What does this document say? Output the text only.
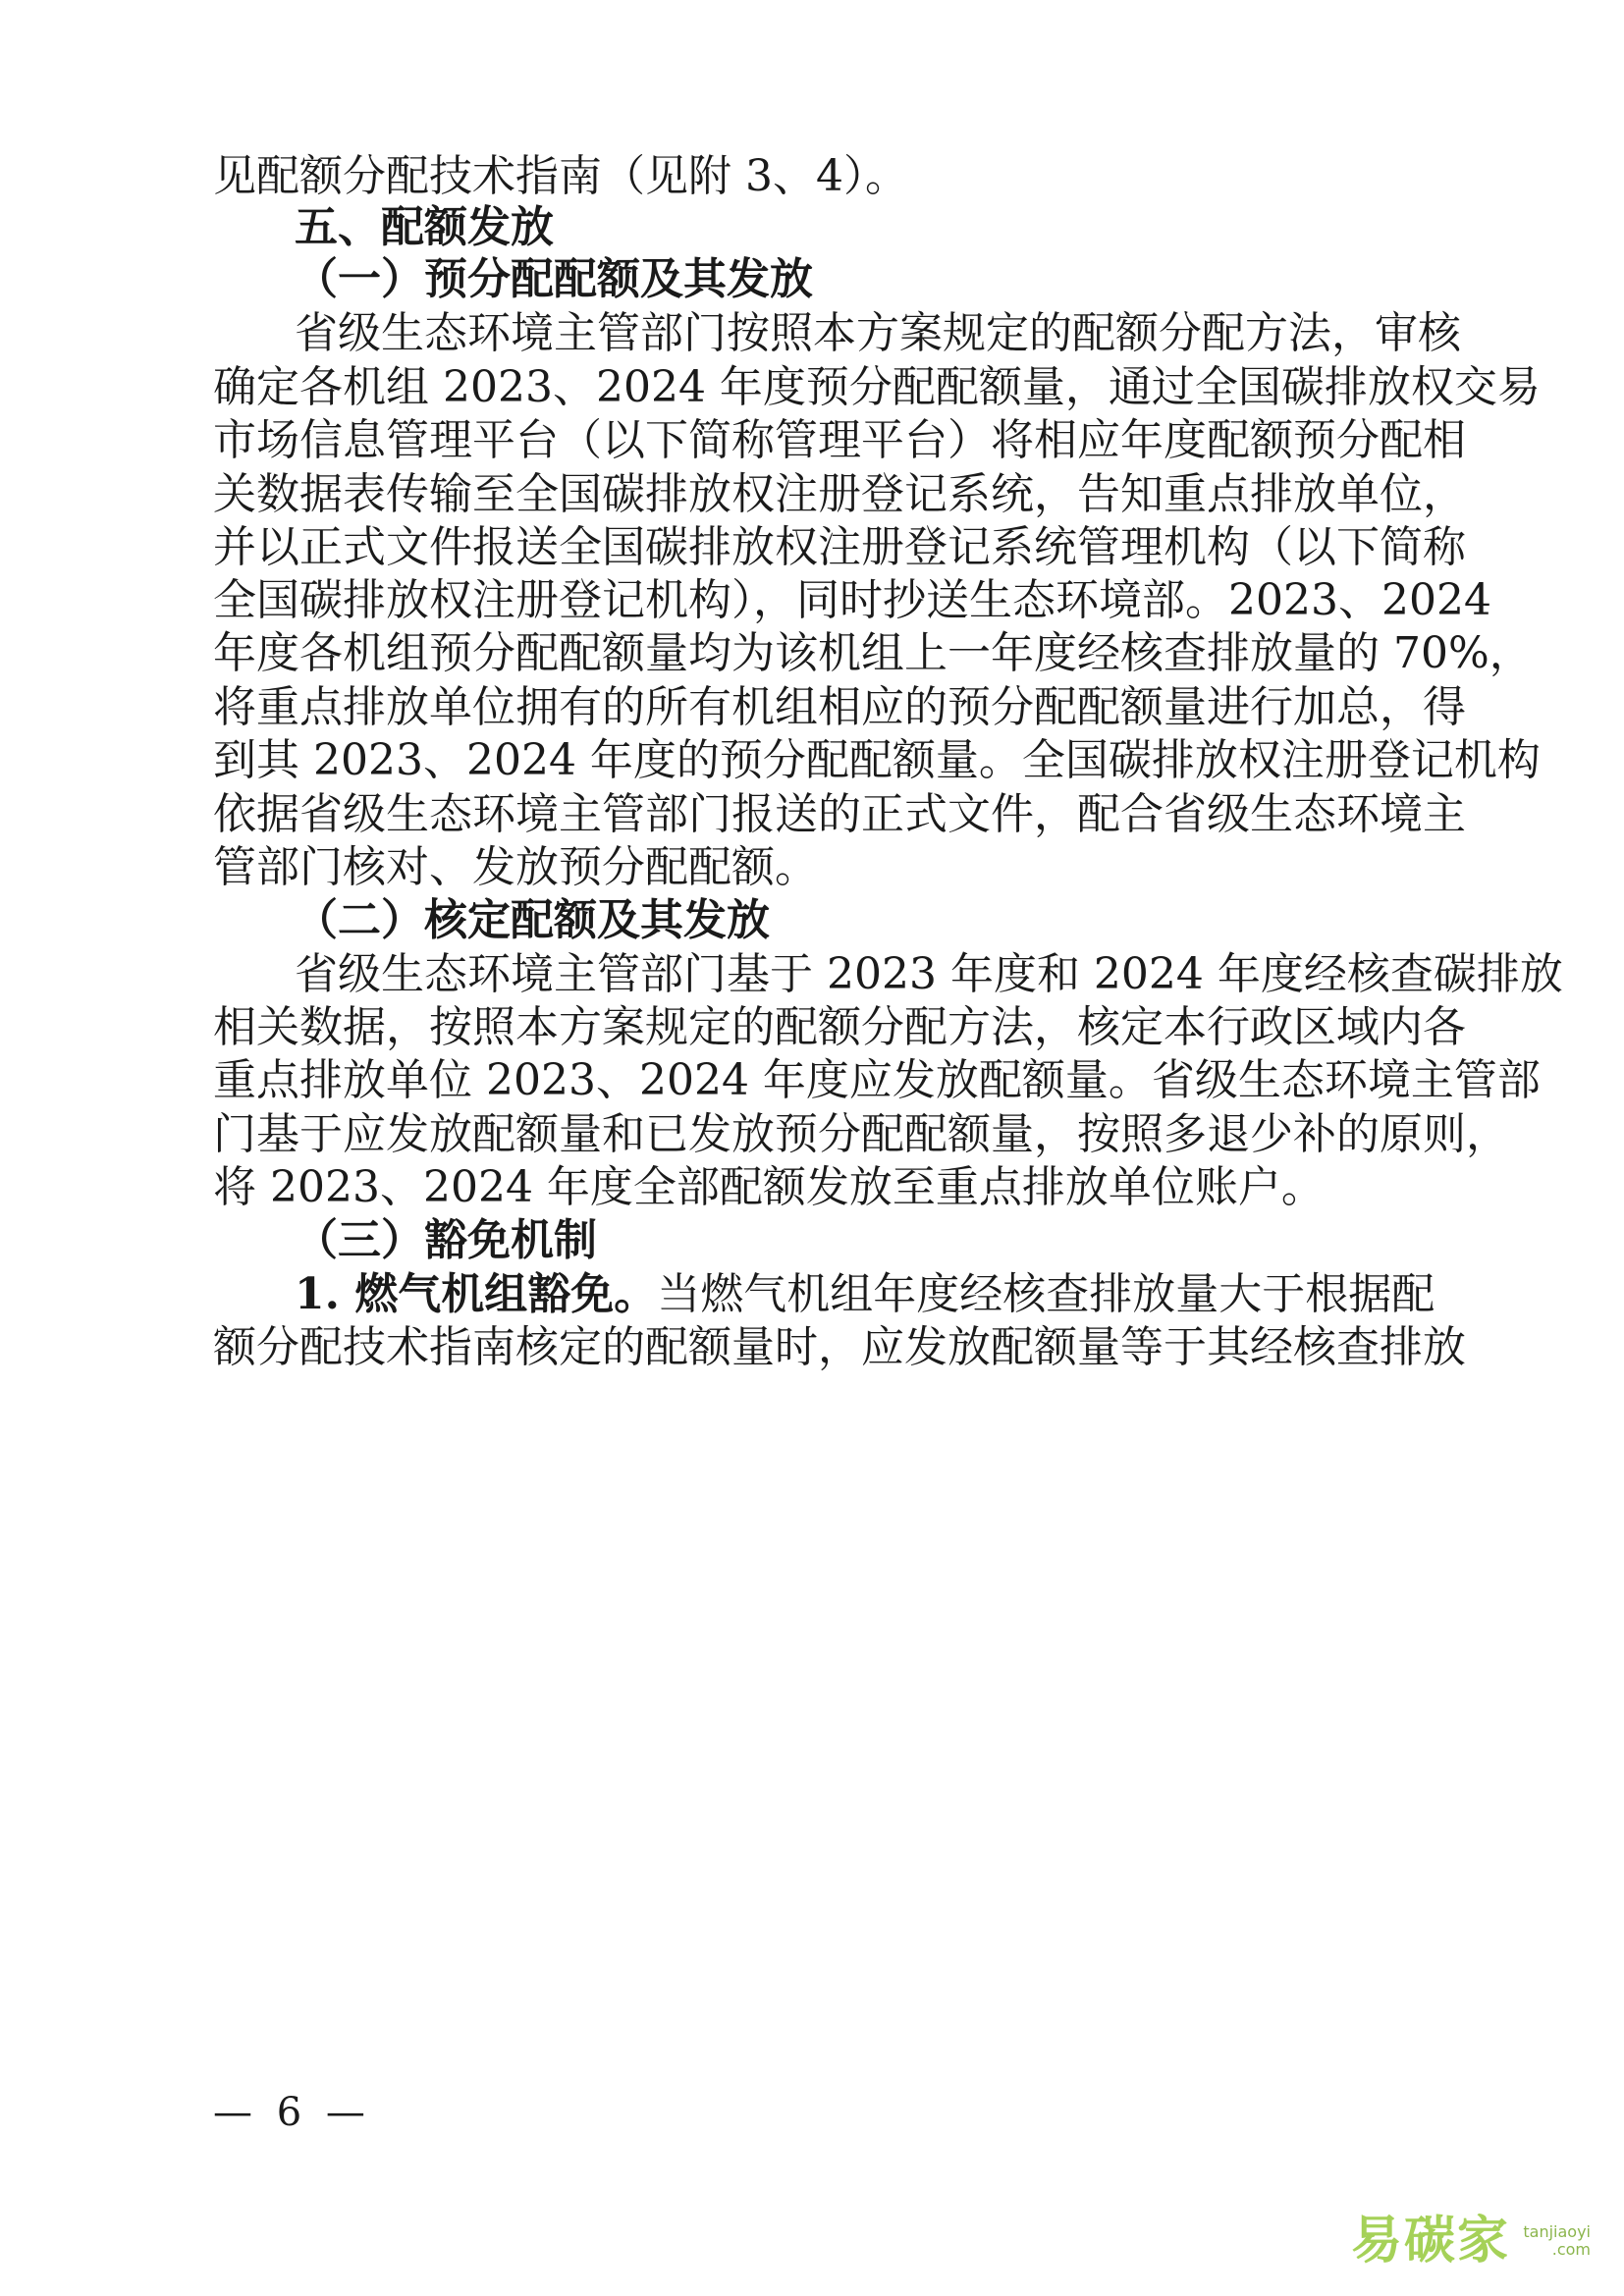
见配额分配技术指南（见附 3、4）。
五、配额发放
（一）预分配配额及其发放
省级生态环境主管部门按照本方案规定的配额分配方法，审核
确定各机组 2023、2024 年度预分配配额量，通过全国碳排放权交易
市场信息管理平台（以下简称管理平台）将相应年度配额预分配相
关数据表传输至全国碳排放权注册登记系统，告知重点排放单位，
并以正式文件报送全国碳排放权注册登记系统管理机构（以下简称
全国碳排放权注册登记机构），同时抄送生态环境部。2023、2024
年度各机组预分配配额量均为该机组上一年度经核查排放量的 70%，
将重点排放单位拥有的所有机组相应的预分配配额量进行加总，得
到其 2023、2024 年度的预分配配额量。全国碳排放权注册登记机构
依据省级生态环境主管部门报送的正式文件，配合省级生态环境主
管部门核对、发放预分配配额。
（二）核定配额及其发放
省级生态环境主管部门基于 2023 年度和 2024 年度经核查碳排放
相关数据，按照本方案规定的配额分配方法，核定本行政区域内各
重点排放单位 2023、2024 年度应发放配额量。省级生态环境主管部
门基于应发放配额量和已发放预分配配额量，按照多退少补的原则，
将 2023、2024 年度全部配额发放至重点排放单位账户。
（三）豁免机制
1. 燃气机组豁免。当燃气机组年度经核查排放量大于根据配
额分配技术指南核定的配额量时，应发放配额量等于其经核查排放
— 6 —
易碳家 tanjiaoyi
.com
